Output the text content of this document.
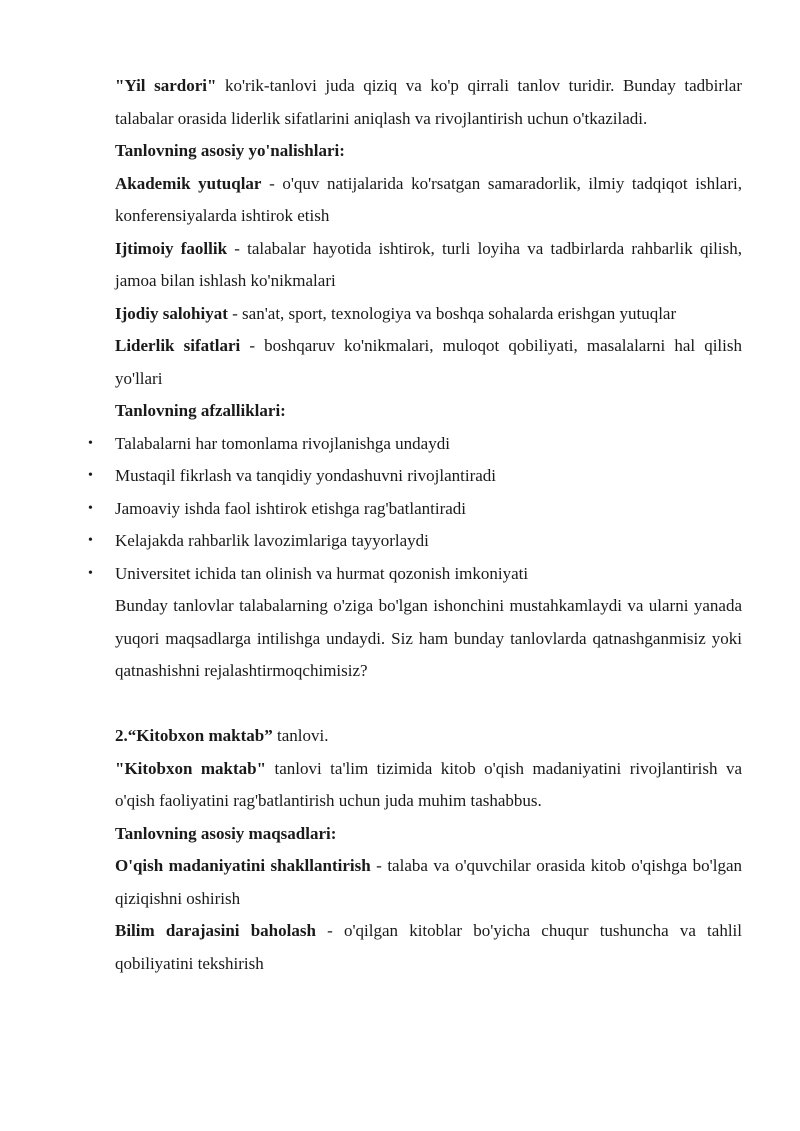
"Yil sardori" ko'rik-tanlovi juda qiziq va ko'p qirrali tanlov turidir. Bunday tadbirlar talabalar orasida liderlik sifatlarini aniqlash va rivojlantirish uchun o'tkaziladi.

Tanlovning asosiy yo'nalishlari:

Akademik yutuqlar - o'quv natijalarida ko'rsatgan samaradorlik, ilmiy tadqiqot ishlari, konferensiyalarda ishtirok etish

Ijtimoiy faollik - talabalar hayotida ishtirok, turli loyiha va tadbirlarda rahbarlik qilish, jamoa bilan ishlash ko'nikmalari

Ijodiy salohiyat - san'at, sport, texnologiya va boshqa sohalarda erishgan yutuqlar

Liderlik sifatlari - boshqaruv ko'nikmalari, muloqot qobiliyati, masalalarni hal qilish yo'llari

Tanlovning afzalliklari:

• Talabalarni har tomonlama rivojlanishga undaydi
• Mustaqil fikrlash va tanqidiy yondashuvni rivojlantiradi
• Jamoaviy ishda faol ishtirok etishga rag'batlantiradi
• Kelajakda rahbarlik lavozimlariga tayyorlaydi
• Universitet ichida tan olinish va hurmat qozonish imkoniyati

Bunday tanlovlar talabalarning o'ziga bo'lgan ishonchini mustahkamlaydi va ularni yanada yuqori maqsadlarga intilishga undaydi. Siz ham bunday tanlovlarda qatnashganmisiz yoki qatnashishni rejalashtirmoqchimisiz?

2.“Kitobxon maktab” tanlovi.

"Kitobxon maktab" tanlovi ta'lim tizimida kitob o'qish madaniyatini rivojlantirish va o'qish faoliyatini rag'batlantirish uchun juda muhim tashabbus.

Tanlovning asosiy maqsadlari:

O'qish madaniyatini shakllantirish - talaba va o'quvchilar orasida kitob o'qishga bo'lgan qiziqishni oshirish

Bilim darajasini baholash - o'qilgan kitoblar bo'yicha chuqur tushuncha va tahlil qobiliyatini tekshirish
